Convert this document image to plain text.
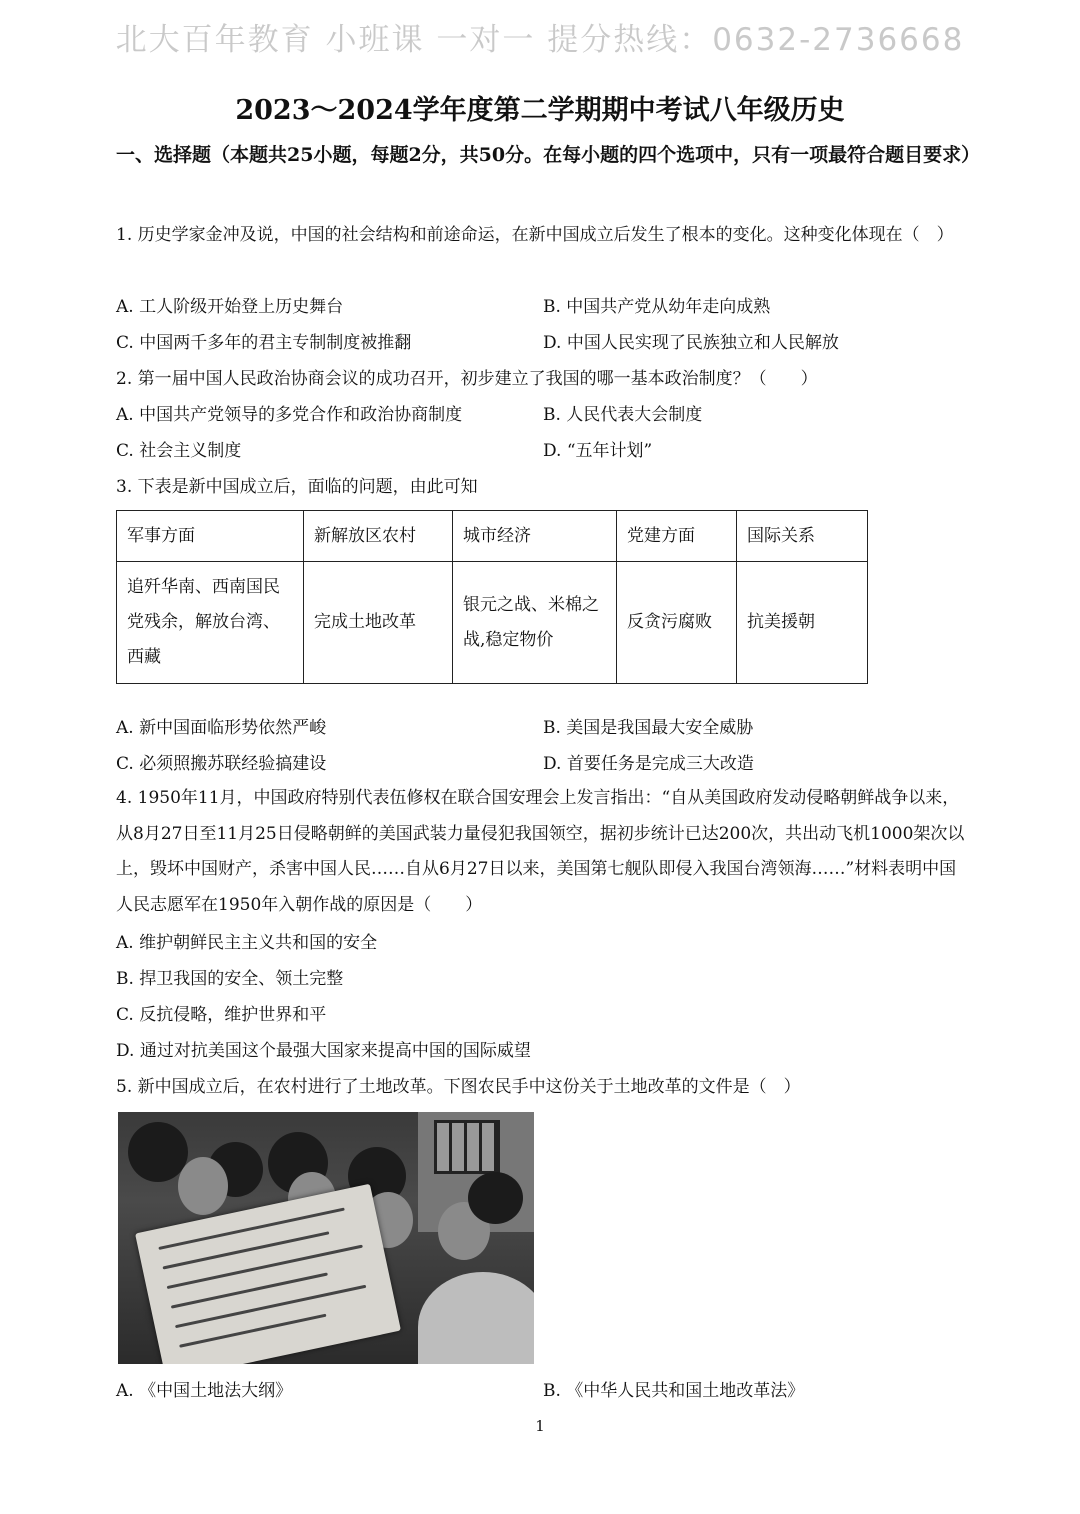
北大百年教育 小班课 一对一 提分热线：0632-2736668
2023～2024学年度第二学期期中考试八年级历史
一、选择题（本题共25小题，每题2分，共50分。在每小题的四个选项中，只有一项最符合题目要求）
1. 历史学家金冲及说，中国的社会结构和前途命运，在新中国成立后发生了根本的变化。这种变化体现在（　）
A. 工人阶级开始登上历史舞台	B. 中国共产党从幼年走向成熟
C. 中国两千多年的君主专制制度被推翻	D. 中国人民实现了民族独立和人民解放
2. 第一届中国人民政治协商会议的成功召开，初步建立了我国的哪一基本政治制度？（　　）
A. 中国共产党领导的多党合作和政治协商制度	B. 人民代表大会制度
C. 社会主义制度	D. “五年计划”
3. 下表是新中国成立后，面临的问题，由此可知
军事方面	新解放区农村	城市经济	党建方面	国际关系
追歼华南、西南国民党残余，解放台湾、西藏	完成土地改革	银元之战、米棉之战,稳定物价	反贪污腐败	抗美援朝
A. 新中国面临形势依然严峻	B. 美国是我国最大安全威胁
C. 必须照搬苏联经验搞建设	D. 首要任务是完成三大改造
4. 1950年11月，中国政府特别代表伍修权在联合国安理会上发言指出：“自从美国政府发动侵略朝鲜战争以来，从8月27日至11月25日侵略朝鲜的美国武装力量侵犯我国领空，据初步统计已达200次，共出动飞机1000架次以上，毁坏中国财产，杀害中国人民……自从6月27日以来，美国第七舰队即侵入我国台湾领海……”材料表明中国人民志愿军在1950年入朝作战的原因是（　　）
A. 维护朝鲜民主主义共和国的安全
B. 捍卫我国的安全、领土完整
C. 反抗侵略，维护世界和平
D. 通过对抗美国这个最强大国家来提高中国的国际威望
5. 新中国成立后，在农村进行了土地改革。下图农民手中这份关于土地改革的文件是（　）
A. 《中国土地法大纲》	B. 《中华人民共和国土地改革法》
1
